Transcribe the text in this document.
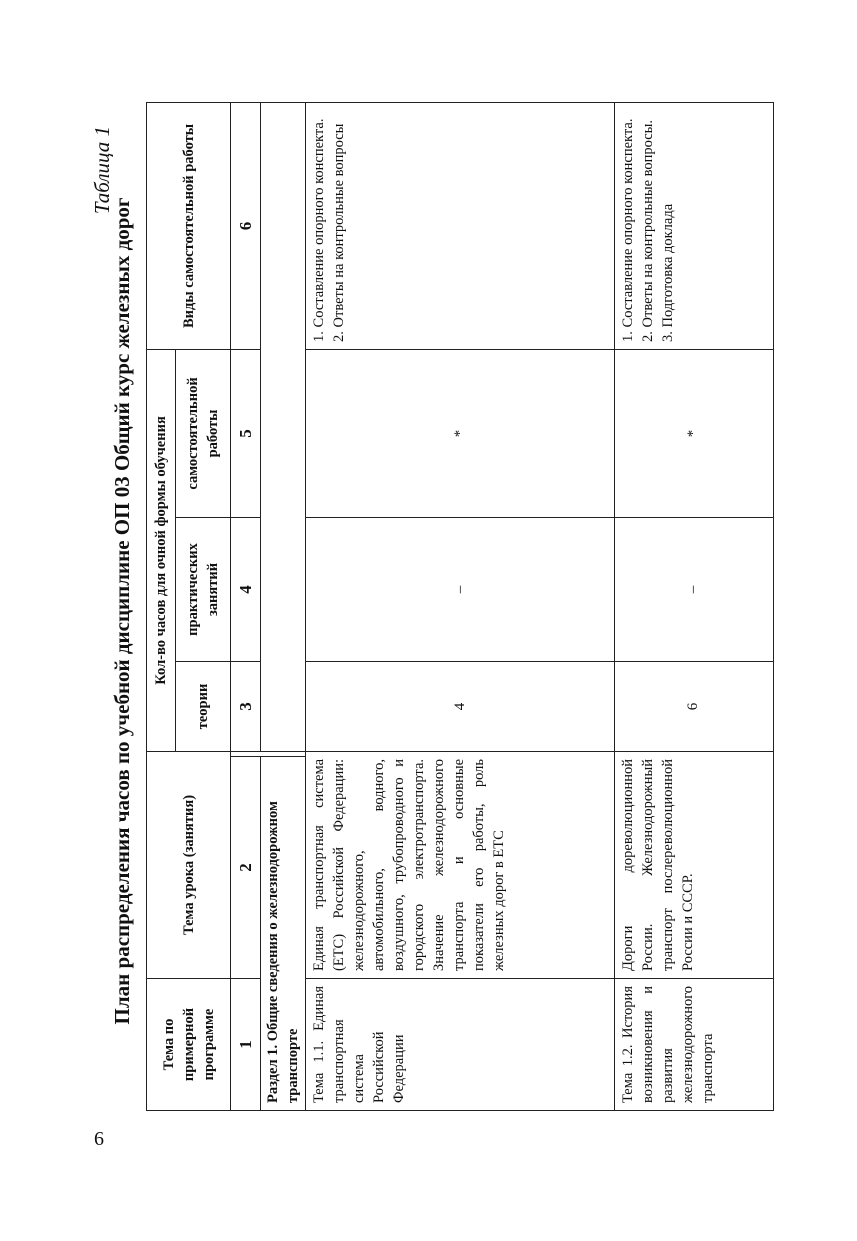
6
Таблица 1
План распределения часов по учебной дисциплине ОП 03 Общий курс железных дорог
Тема по примерной программе	Тема урока (занятия)		Кол-во часов для очной формы обучения			Виды самостоятельной работы
			теории	практических занятий	самостоятельной работы	
1	2		3	4	5	6
Раздел 1. Общие сведения о железнодорожном транспорте						
Тема 1.1. Единая транспортная система Российской Федерации	Единая транспортная система (ЕТС) Российской Федерации: железнодорожного, автомобильного, водного, воздушного, трубопроводного и городского электротранспорта. Значение железнодорожного транспорта и основные показатели его работы, роль железных дорог в ЕТС		4	–	*	1. Составление опорного конспекта. 2. Ответы на контрольные вопросы

Тема 1.2. История возникновения и развития железнодорожного транспорта	Дороги дореволюционной России. Железнодорожный транспорт послереволюционной России и СССР.		6	–	*	1. Составление опорного конспекта. 2. Ответы на контрольные вопросы. 3. Подготовка доклада
